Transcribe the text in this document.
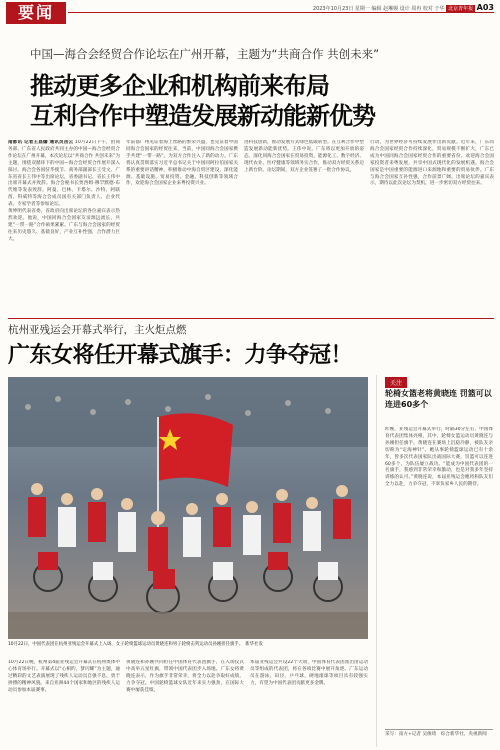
要闻	2023年10月23日 星期一 编辑 赵琳嫚 设计 周冉 校对 于华 北京青年报 A03
中国—海合会经贸合作论坛在广州开幕，主题为“共商合作 共创未来”
推动更多企业和机构前来布局
互利合作中塑造发展新动能新优势
南都讯 记者王昌爝 通讯员岳云 10月22日下午，由商务部、广东省人民政府共同主办的中国—海合会经贸合作论坛在广州开幕，本次论坛以“共商合作 共创未来”为主题，围绕双循环下的中国—海合会经贸合作展开深入探讨。海合会各国驻华使节、商务部副部长王受文、广东省省长王伟中等出席论坛，省委副书记、省长王伟中出席开幕式并致辞。海合会秘书长贾西姆·穆罕默德·布代维等发表致辞。阿曼、巴林、卡塔尔、沙特、阿联酋、科威特等海合会成员国有关部门负责人、企业代表、专家学者等参加论坛。
黄坤明代表省委、省政府向出席论坛的各位嘉宾表示热烈欢迎。他说，中国同海合会国家友谊源远流长，共建“一带一路”合作硕果累累。广东与海合会国家的经贸往来历史悠久、基础良好，产业互补性强，合作潜力巨大。
年前都广州见证着海上丝路的繁荣兴盛，也见证着中国同海合会国家的经贸往来，当前，中国同海合会国家携手共建“一带一路”，为双方合作注入了新的动力。广东将认真贯彻落实习近平总书记关于中国同阿拉伯国家关系的重要讲话精神，积极推动中海自贸区建设，深化能源、基础设施、贸易投资、金融、科技创新等领域合作，欢迎海合会国家企业来粤投资兴业。
进科技创新，推动发展方式绿色低碳转型。在互利合作中塑造发展新动能新优势。王伟中说，广东将以更加开放的姿态，深化同海合会国家在贸易投资、能源化工、数字经济、现代农业、医疗健康等领域务实合作，推动双方经贸关系迈上新台阶。论坛期间，双方企业签署了一批合作协议。
行动，为世界经济可持续发展作出新贡献。近年来，广东同海合会国家经贸合作持续深化，贸易规模不断扩大，广东已成为中国同海合会国家经贸合作的重要省份。欢迎海合会国家投资者来粤发展，共享中国式现代化的发展机遇。海合会国家是中国重要的能源进口来源地和重要的贸易伙伴。广东与海合会国家互补性强，合作前景广阔。出席论坛的嘉宾表示，期待以此次论坛为契机，进一步密切双方经贸往来。
杭州亚残运会开幕式举行，主火炬点燃
广东女将任开幕式旗手：力争夺冠！
10月22日，中国代表团在杭州亚残运会开幕式上入场，女子轮椅篮球运动员黄晓连和男子轮椅击剑运动员孙刚担任旗手。　新华社发
10月22日晚，杭州第4届亚残运会开幕式在杭州奥体中心体育场举行。开幕式以“心相约，梦闪耀”为主题，通过精彩的文艺表演展现了残疾人运动员自强不息、勇于拼搏的精神风貌。来自亚洲44个国家和地区的残疾人运动员参加本届赛事。
黄晓连和孙刚共同担任中国体育代表团旗手，在入场仪式中高举五星红旗，带领中国代表团步入场地。广东女将黄晓连表示，作为旗手非常荣幸，将全力以赴争取好成绩，力争夺冠。中国轮椅篮球女队近年来实力强劲，在国际大赛中屡获佳绩。
本届亚残运会共设22个大项，中国体育代表团派出由运动员等组成的代表团，将在各项比赛中展开角逐。广东运动员在游泳、田径、乒乓球、硬地滚球等项目具有较强实力，有望为中国代表团贡献更多金牌。
关注
轮椅女篮老将黄晓连 罚篮可以连进60多个
昨晚，亚残运会开幕式举行，时隔30分左右，中国体育代表团集体亮相，其中，轮椅女篮运动员黄晓连与孙刚担任旗手。黄晓连在赛场上沉稳冷静，被队友亲切称为“定海神针”。她从事轮椅篮球运动已有十余年，曾多次代表国家队出战国际大赛，罚篮可以连进60多个，为队伍屡立战功。“能成为中国代表团的一名旗手，我感到非常荣幸和激动，也是对我多年坚持训练的认可。”黄晓连说，本届亚残运会她将和队友们全力以赴，力争夺冠，不辜负家乡人民的期待。
采写：南方+记者 吴俊琦　综合新华社、央视新闻
